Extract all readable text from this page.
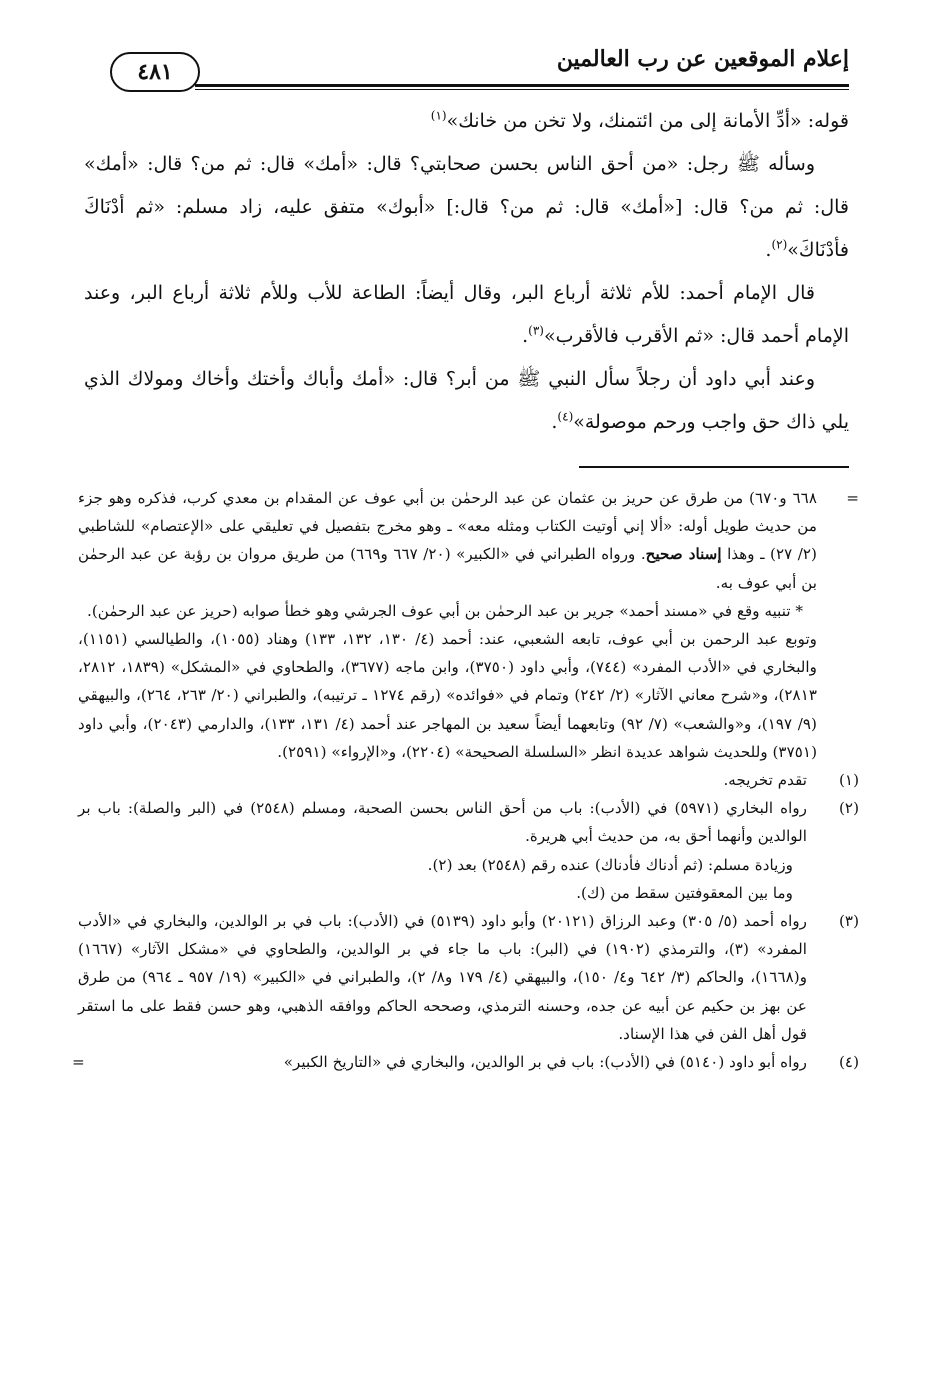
إعلام الموقعين عن رب العالمين
٤٨١

قوله: «أدِّ الأمانة إلى من ائتمنك، ولا تخن من خانك»$^{(١)}$

وسأله ﷺ رجل: «من أحق الناس بحسن صحابتي؟ قال: «أمك» قال: ثم من؟ قال: «أمك» قال: ثم من؟ قال: [«أمك» قال: ثم من؟ قال:] «أبوك» متفق عليه، زاد مسلم: «ثم أدْنَاكَ فأدْنَاكَ»$^{(٢)}$.

قال الإمام أحمد: للأم ثلاثة أرباع البر، وقال أيضاً: الطاعة للأب وللأم ثلاثة أرباع البر، وعند الإمام أحمد قال: «ثم الأقرب فالأقرب»$^{(٣)}$.

وعند أبي داود أن رجلاً سأل النبي ﷺ من أبر؟ قال: «أمك وأباك وأختك وأخاك ومولاك الذي يلي ذاك حق واجب ورحم موصولة»$^{(٤)}$.

=
٦٦٨ و٦٧٠) من طرق عن حريز بن عثمان عن عبد الرحمٰن بن أبي عوف عن المقدام بن معدي كرب، فذكره وهو جزء من حديث طويل أوله: «ألا إني أوتيت الكتاب ومثله معه» ـ وهو مخرج بتفصيل في تعليقي على «الإعتصام» للشاطبي (٢/ ٢٧) ـ وهذا إسناد صحيح. ورواه الطبراني في «الكبير» (٢٠/ ٦٦٧ و٦٦٩) من طريق مروان بن رؤبة عن عبد الرحمٰن بن أبي عوف به.

* تنبيه وقع في «مسند أحمد» جرير بن عبد الرحمٰن بن أبي عوف الجرشي وهو خطأ صوابه (حريز عن عبد الرحمٰن).

وتوبع عبد الرحمن بن أبي عوف، تابعه الشعبي، عند: أحمد (٤/ ١٣٠، ١٣٢، ١٣٣) وهناد (١٠٥٥)، والطيالسي (١١٥١)، والبخاري في «الأدب المفرد» (٧٤٤)، وأبي داود (٣٧٥٠)، وابن ماجه (٣٦٧٧)، والطحاوي في «المشكل» (١٨٣٩، ٢٨١٢، ٢٨١٣)، و«شرح معاني الآثار» (٢/ ٢٤٢) وتمام في «فوائده» (رقم ١٢٧٤ ـ ترتيبه)، والطبراني (٢٠/ ٢٦٣، ٢٦٤)، والبيهقي (٩/ ١٩٧)، و«والشعب» (٧/ ٩٢) وتابعهما أيضاً سعيد بن المهاجر عند أحمد (٤/ ١٣١، ١٣٣)، والدارمي (٢٠٤٣)، وأبي داود (٣٧٥١) وللحديث شواهد عديدة انظر «السلسلة الصحيحة» (٢٢٠٤)، و«الإرواء» (٢٥٩١).

(١)
تقدم تخريجه.

(٢)
رواه البخاري (٥٩٧١) في (الأدب): باب من أحق الناس بحسن الصحبة، ومسلم (٢٥٤٨) في (البر والصلة): باب بر الوالدين وأنهما أحق به، من حديث أبي هريرة.
وزيادة مسلم: (ثم أدناك فأدناك) عنده رقم (٢٥٤٨) بعد (٢).
وما بين المعقوفتين سقط من (ك).

(٣)
رواه أحمد (٥/ ٣٠٥) وعبد الرزاق (٢٠١٢١) وأبو داود (٥١٣٩) في (الأدب): باب في بر الوالدين، والبخاري في «الأدب المفرد» (٣)، والترمذي (١٩٠٢) في (البر): باب ما جاء في بر الوالدين، والطحاوي في «مشكل الآثار» (١٦٦٧) و(١٦٦٨)، والحاكم (٣/ ٦٤٢ و٤/ ١٥٠)، والبيهقي (٤/ ١٧٩ و٨/ ٢)، والطبراني في «الكبير» (١٩/ ٩٥٧ ـ ٩٦٤) من طرق عن بهز بن حكيم عن أبيه عن جده، وحسنه الترمذي، وصححه الحاكم ووافقه الذهبي، وهو حسن فقط على ما استقر قول أهل الفن في هذا الإسناد.

(٤)
رواه أبو داود (٥١٤٠) في (الأدب): باب في بر الوالدين، والبخاري في «التاريخ الكبير»
=
